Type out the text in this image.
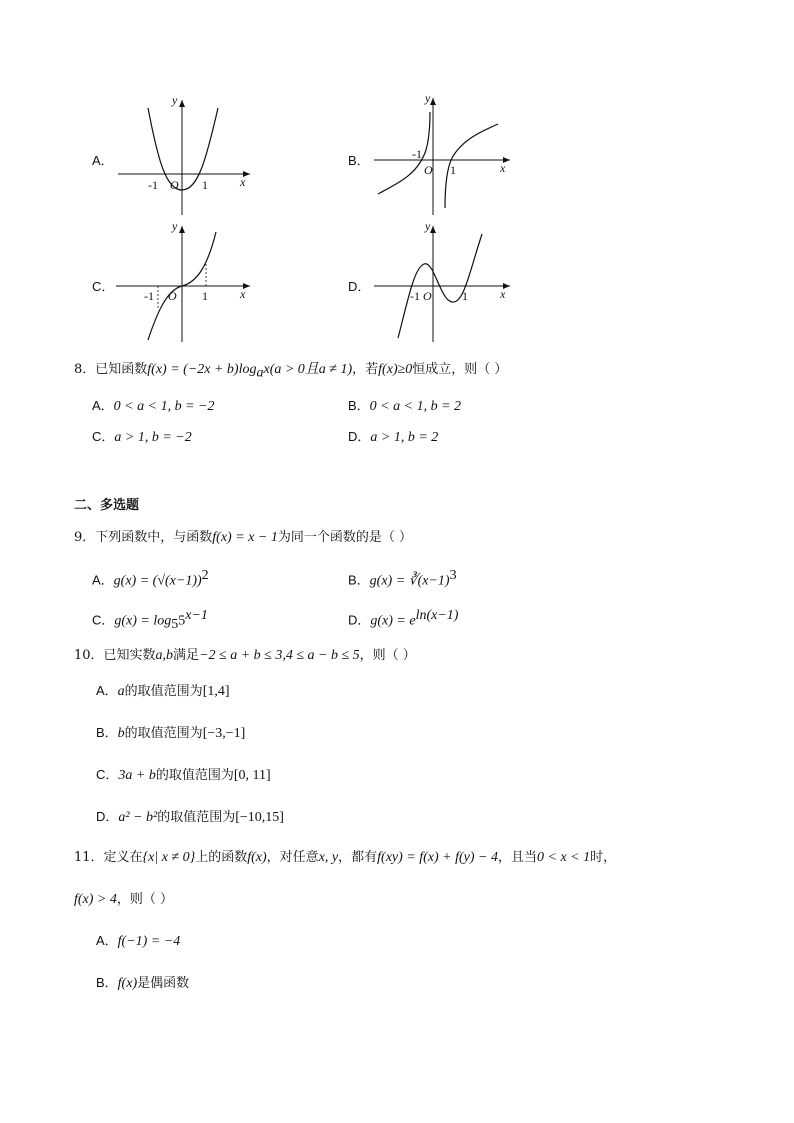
A．
y
x
-1 O 1
B．
y
x
-1
O 1
C．
y
x
-1 O 1
D．
y
x
-1 O	1
8．已知函数$f(x) = (-2x + b)\log_ax(a > 0$且a ≠ 1)，若f(x)≥0恒成立，则（ ）
A．0 < a < 1, b = −2	B．0 < a < 1, b = 2
C．a > 1, b = −2	D．a > 1, b = 2
二、多选题
9．下列函数中，与函数f(x) = x − 1为同一个函数的是（ ）
A．$g(x) = (√(x-1))^2$	B．$g(x) = ∛(x-1)^3$
C．$g(x) = \log_55^{x-1}$	D．$g(x) = e^{ln(x-1)}$
10．已知实数a,b满足−2 ≤ a + b ≤ 3,4 ≤ a − b ≤ 5，则（ ）
A．a的取值范围为[1,4]
B．b的取值范围为[−3,−1]
C．3a + b的取值范围为[0, 11]
D．a² − b²的取值范围为[−10,15]
11．定义在{x| x ≠ 0}上的函数f(x)，对任意x, y，都有f(xy) = f(x) + f(y) − 4，且当0 < x < 1时，
f(x) > 4，则（ ）
A．f(−1) = −4
B．f(x)是偶函数
